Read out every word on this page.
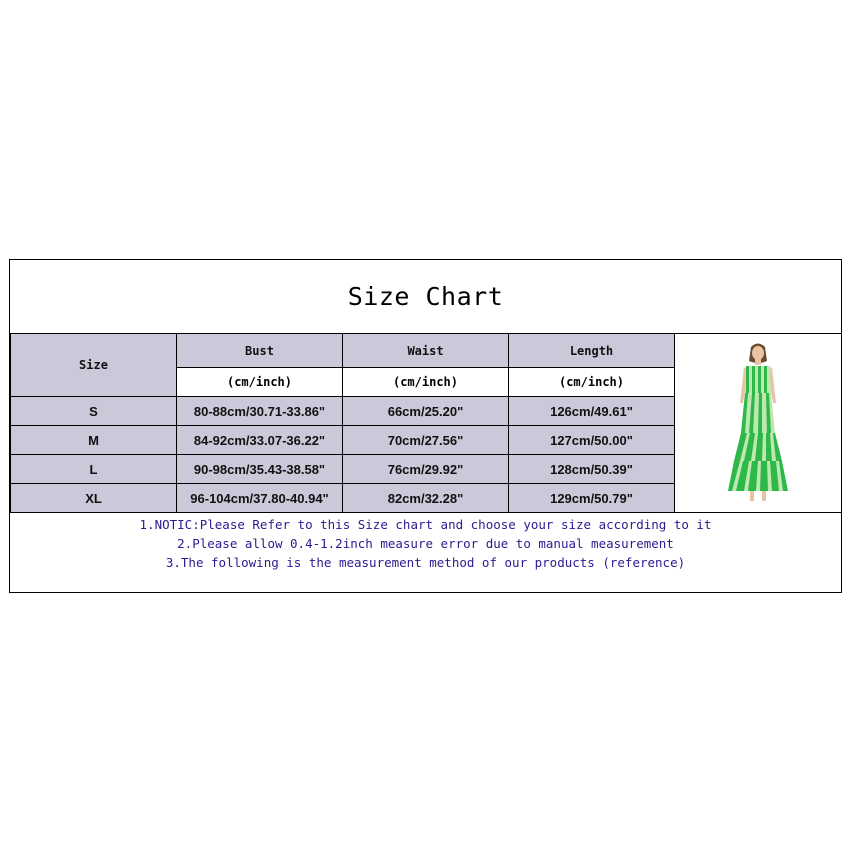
Size Chart
Size	Bust	Waist	Length	

	(cm/inch)	(cm/inch)	(cm/inch)	
S	80-88cm/30.71-33.86"	66cm/25.20"	126cm/49.61"	
M	84-92cm/33.07-36.22"	70cm/27.56"	127cm/50.00"	
L	90-98cm/35.43-38.58"	76cm/29.92"	128cm/50.39"	
XL	96-104cm/37.80-40.94"	82cm/32.28"	129cm/50.79"	
1.NOTIC:Please Refer to this Size chart and choose your size according to it
2.Please allow 0.4-1.2inch measure error due to manual measurement
3.The following is the measurement method of our products (reference)
